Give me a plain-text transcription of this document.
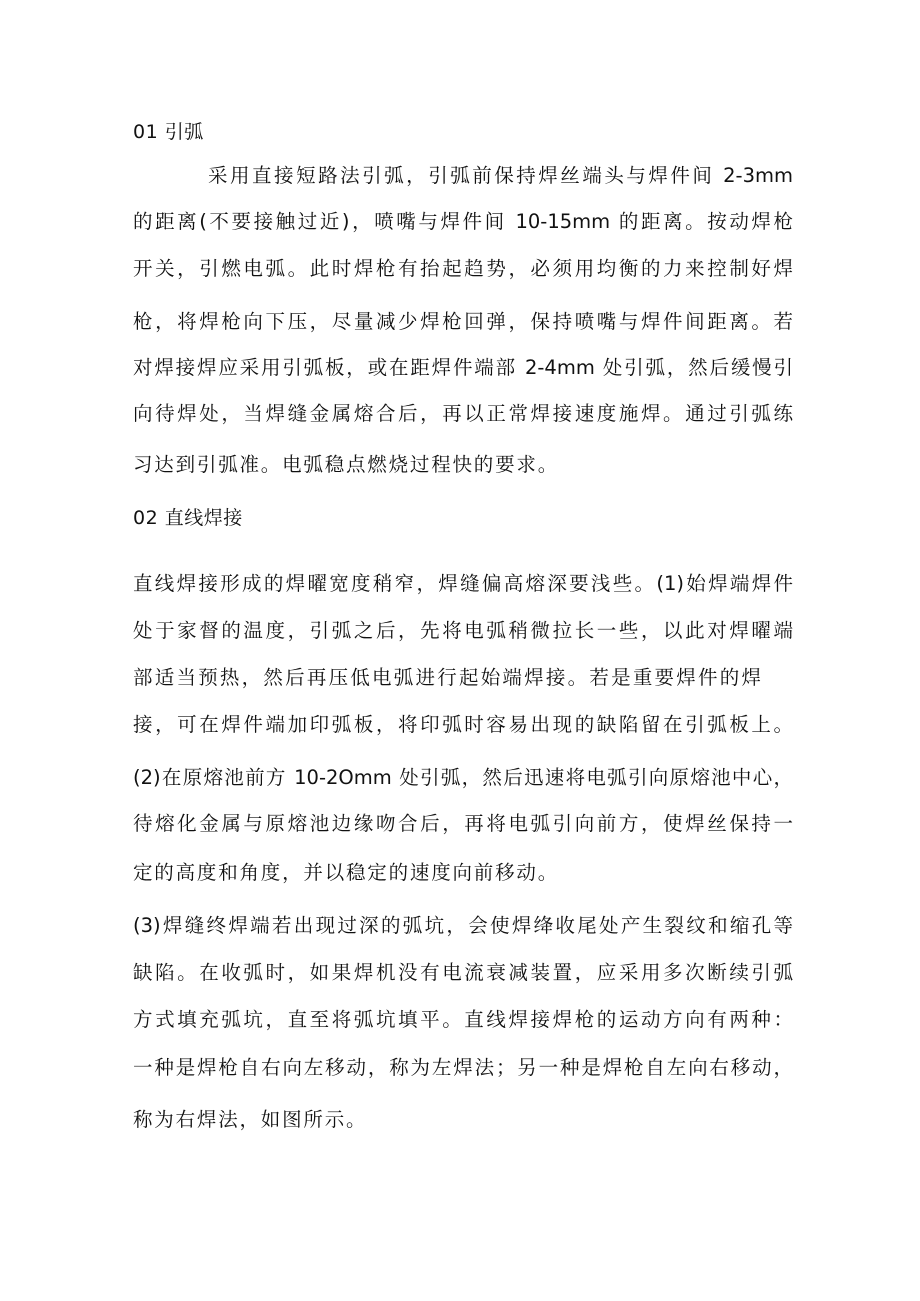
01 引弧
采用直接短路法引弧，引弧前保持焊丝端头与焊件间 2-3mm
的距离(不要接触过近)，喷嘴与焊件间 10-15mm 的距离。按动焊枪
开关，引燃电弧。此时焊枪有抬起趋势，必须用均衡的力来控制好焊
枪，将焊枪向下压，尽量减少焊枪回弹，保持喷嘴与焊件间距离。若
对焊接焊应采用引弧板，或在距焊件端部 2-4mm 处引弧，然后缓慢引
向待焊处，当焊缝金属熔合后，再以正常焊接速度施焊。通过引弧练
习达到引弧准。电弧稳点燃烧过程快的要求。
02 直线焊接
直线焊接形成的焊曜宽度稍窄，焊缝偏高熔深要浅些。(1)始焊端焊件
处于家督的温度，引弧之后，先将电弧稍微拉长一些，以此对焊曜端
部适当预热，然后再压低电弧进行起始端焊接。若是重要焊件的焊
接，可在焊件端加印弧板，将印弧时容易出现的缺陷留在引弧板上。
(2)在原熔池前方 10-2Omm 处引弧，然后迅速将电弧引向原熔池中心，
待熔化金属与原熔池边缘吻合后，再将电弧引向前方，使焊丝保持一
定的高度和角度，并以稳定的速度向前移动。
(3)焊缝终焊端若出现过深的弧坑，会使焊绛收尾处产生裂纹和缩孔等
缺陷。在收弧时，如果焊机没有电流衰减装置，应采用多次断续引弧
方式填充弧坑，直至将弧坑填平。直线焊接焊枪的运动方向有两种：
一种是焊枪自右向左移动，称为左焊法；另一种是焊枪自左向右移动，
称为右焊法，如图所示。
